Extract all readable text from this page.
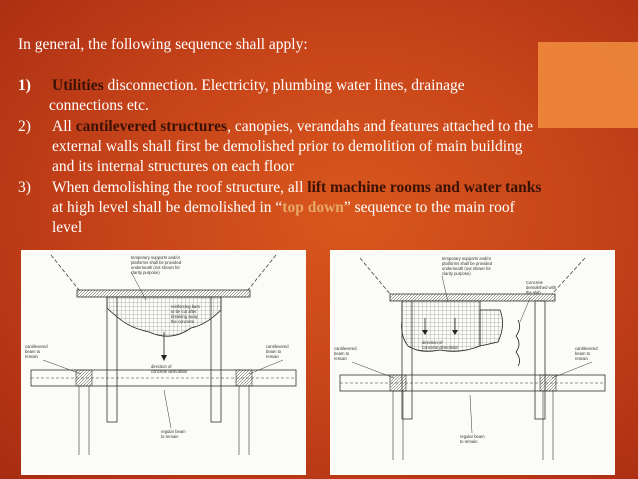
In general, the following sequence shall apply:
1) Utilities disconnection. Electricity, plumbing water lines, drainage
connections etc.
2) All cantilevered structures, canopies, verandahs and features attached to the
external walls shall first be demolished prior to demolition of main building
and its internal structures on each floor
3) When demolishing the roof structure, all lift machine rooms and water tanks
at high level shall be demolished in “top down” sequence to the main roof
level
temporary supports and/or
platforms shall be provided
underneath (not shown for
clarity purpose)
reinforcing bars
to be cut after
breaking away
the concrete
direction of
concrete demolition
cantilevered
beam to
remain
cantilevered
beam to
remain
regular beam
to remain
temporary supports and/or
platforms shall be provided
underneath (not shown for
clarity purpose)
Concrete
demolished with
the slab
direction of
concrete demolition
cantilevered
beam to
remain
cantilevered
beam to
remain
regular beam
to remain
